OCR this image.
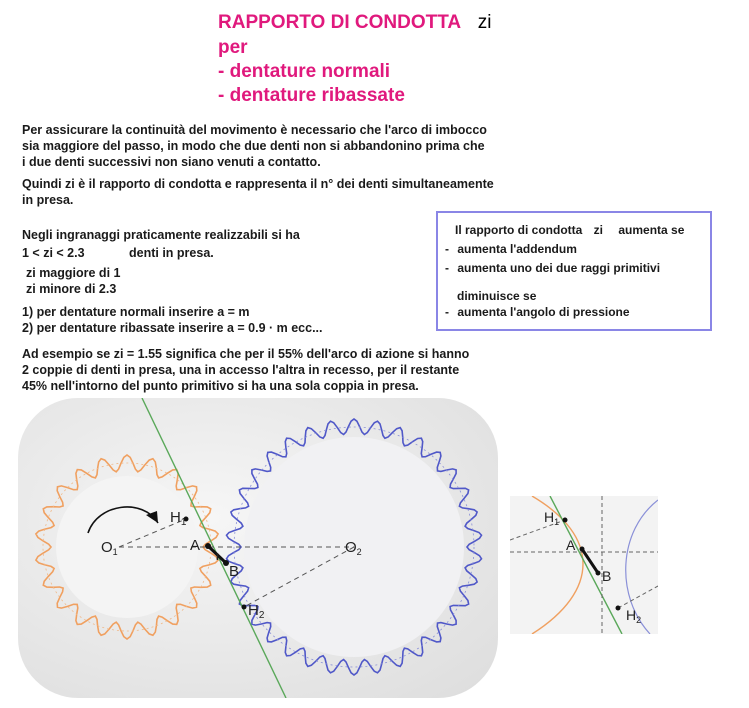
RAPPORTO DI CONDOTTA zi
per
- dentature normali
- dentature ribassate
Per assicurare la continuità del movimento è necessario che l'arco di imbocco
sia maggiore del passo, in modo che due denti non si abbandonino prima che
i due denti successivi non siano venuti a contatto.
Quindi zi è il rapporto di condotta e rappresenta il n° dei denti simultaneamente
in presa.
Negli ingranaggi praticamente realizzabili si ha
1 < zi < 2.3	denti in presa.
zi maggiore di 1
zi minore di 2.3
1) per dentature normali inserire a = m
2) per dentature ribassate inserire a = 0.9 · m ecc...
Ad esempio se zi = 1.55 significa che per il 55% dell'arco di azione si hanno
2 coppie di denti in presa, una in accesso l'altra in recesso, per il restante
45% nell'intorno del punto primitivo si ha una sola coppia in presa.
Il rapporto di condotta zi aumenta se
- aumenta l'addendum
- aumenta uno dei due raggi primitivi
diminuisce se
- aumenta l'angolo di pressione
$O_1$	$O_2$
$H_1$
$H_2$
A
B
I
$H_1$
A
B
$H_2$
